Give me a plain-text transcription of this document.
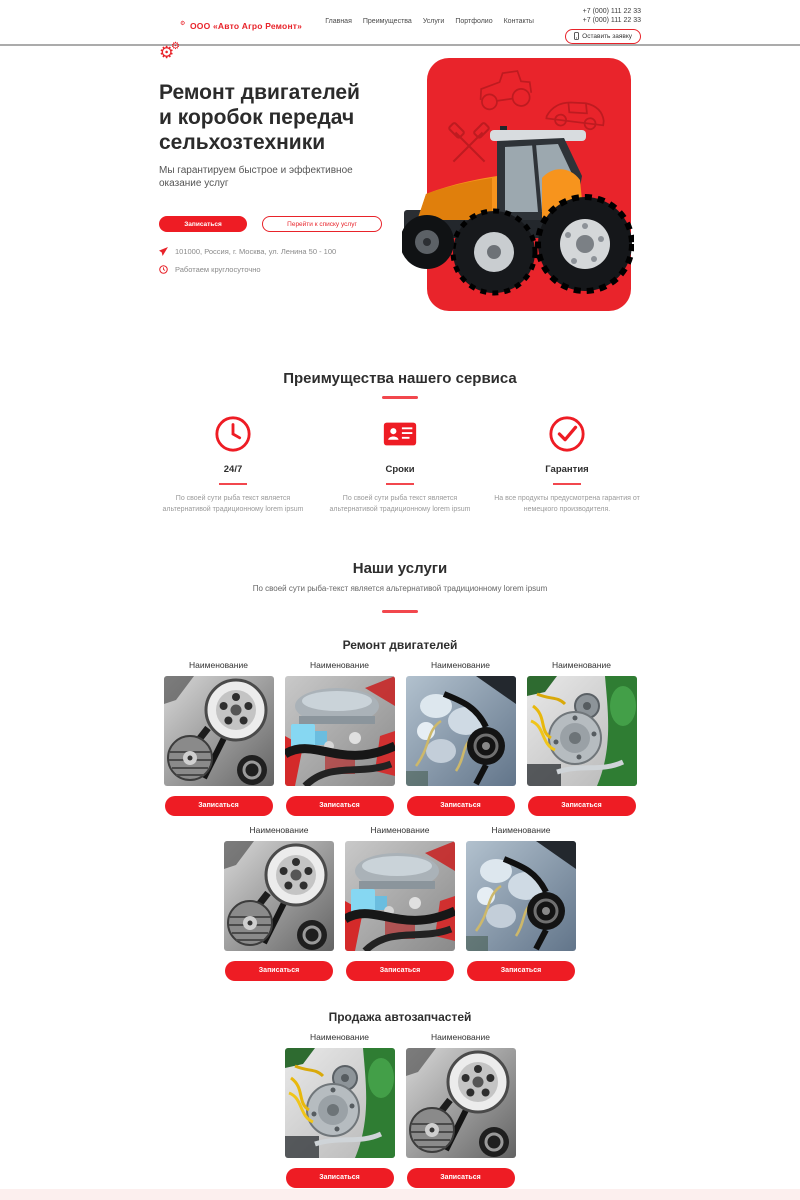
⚙
⚙
⚙ ООО «Авто Агро Ремонт»	Главная Преимущества Услуги Портфолио Контакты
+7 (000) 111 22 33
+7 (000) 111 22 33
Оставить заявку
Ремонт двигателей
и коробок передач
сельхозтехники

Мы гарантируем быстрое и эффективное оказание услуг

Записаться	Перейти к списку услуг
101000, Россия, г. Москва, ул. Ленина 50 - 100
Работаем круглосуточно
Преимущества нашего сервиса
24/7

По своей сути рыба текст является альтернативой традиционному lorem ipsum

Сроки

По своей сути рыба текст является альтернативой традиционному lorem ipsum

Гарантия

На все продукты предусмотрена гарантия от немецкого производителя.

Наши услуги

По своей сути рыба-текст является альтернативой традиционному lorem ipsum

Ремонт двигателей
Наименование
Записаться
Наименование
Записаться
Наименование
Записаться
Наименование
Записаться
Наименование
Записаться
Наименование
Записаться
Наименование
Записаться
Продажа автозапчастей
Наименование
Записаться
Наименование
Записаться
